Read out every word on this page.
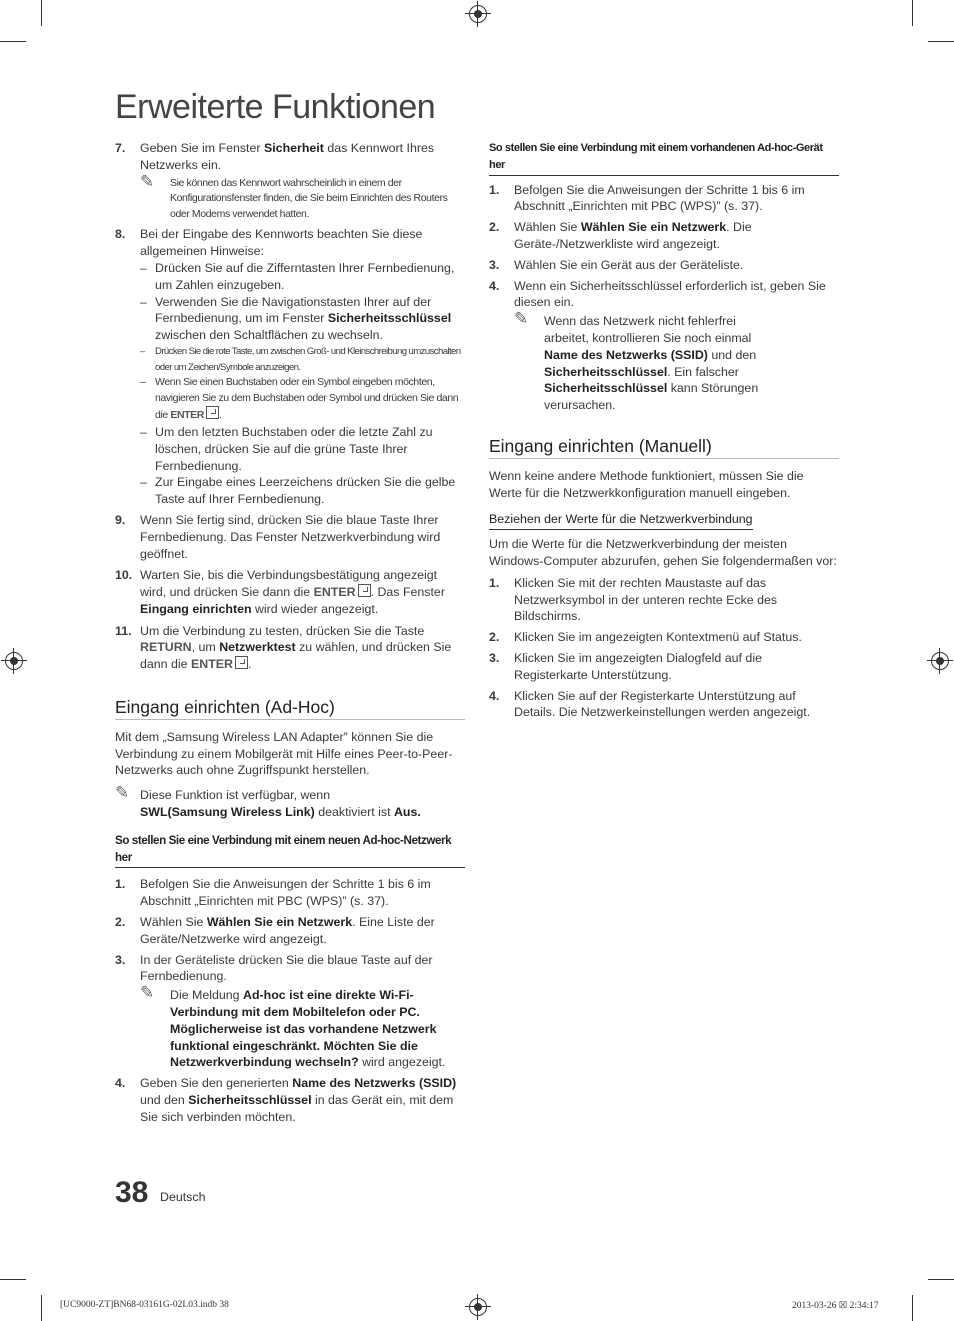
Erweiterte Funktionen
7. Geben Sie im Fenster Sicherheit das Kennwort Ihres Netzwerks ein.
✎ Sie können das Kennwort wahrscheinlich in einem der Konfigurationsfenster finden, die Sie beim Einrichten des Routers oder Modems verwendet hatten.
8. Bei der Eingabe des Kennworts beachten Sie diese allgemeinen Hinweise:
– Drücken Sie auf die Zifferntasten Ihrer Fernbedienung, um Zahlen einzugeben.
– Verwenden Sie die Navigationstasten Ihrer auf der Fernbedienung, um im Fenster Sicherheitsschlüssel zwischen den Schaltflächen zu wechseln.
– Drücken Sie die rote Taste, um zwischen Groß- und Kleinschreibung umzuschalten oder um Zeichen/Symbole anzuzeigen.
– Wenn Sie einen Buchstaben oder ein Symbol eingeben möchten, navigieren Sie zu dem Buchstaben oder Symbol und drücken Sie dann die ENTER .
– Um den letzten Buchstaben oder die letzte Zahl zu löschen, drücken Sie auf die grüne Taste Ihrer Fernbedienung.
– Zur Eingabe eines Leerzeichens drücken Sie die gelbe Taste auf Ihrer Fernbedienung.
9. Wenn Sie fertig sind, drücken Sie die blaue Taste Ihrer Fernbedienung. Das Fenster Netzwerkverbindung wird geöffnet.
10. Warten Sie, bis die Verbindungsbestätigung angezeigt wird, und drücken Sie dann die ENTER . Das Fenster Eingang einrichten wird wieder angezeigt.
11. Um die Verbindung zu testen, drücken Sie die Taste RETURN, um Netzwerktest zu wählen, und drücken Sie dann die ENTER .
Eingang einrichten (Ad-Hoc)
Mit dem „Samsung Wireless LAN Adapter” können Sie die Verbindung zu einem Mobilgerät mit Hilfe eines Peer-to-Peer-Netzwerks auch ohne Zugriffspunkt herstellen.
✎ Diese Funktion ist verfügbar, wenn
SWL(Samsung Wireless Link) deaktiviert ist Aus.
So stellen Sie eine Verbindung mit einem neuen Ad-hoc-Netzwerk her
1. Befolgen Sie die Anweisungen der Schritte 1 bis 6 im Abschnitt „Einrichten mit PBC (WPS)” (s. 37).
2. Wählen Sie Wählen Sie ein Netzwerk. Eine Liste der Geräte/Netzwerke wird angezeigt.
3. In der Geräteliste drücken Sie die blaue Taste auf der Fernbedienung.
✎ Die Meldung Ad-hoc ist eine direkte Wi-Fi-Verbindung mit dem Mobiltelefon oder PC. Möglicherweise ist das vorhandene Netzwerk funktional eingeschränkt. Möchten Sie die Netzwerkverbindung wechseln? wird angezeigt.
4. Geben Sie den generierten Name des Netzwerks (SSID) und den Sicherheitsschlüssel in das Gerät ein, mit dem Sie sich verbinden möchten.
So stellen Sie eine Verbindung mit einem vorhandenen Ad-hoc-Gerät her
1. Befolgen Sie die Anweisungen der Schritte 1 bis 6 im Abschnitt „Einrichten mit PBC (WPS)” (s. 37).
2. Wählen Sie Wählen Sie ein Netzwerk. Die Geräte-/Netzwerkliste wird angezeigt.
3. Wählen Sie ein Gerät aus der Geräteliste.
4. Wenn ein Sicherheitsschlüssel erforderlich ist, geben Sie diesen ein.
✎ Wenn das Netzwerk nicht fehlerfrei arbeitet, kontrollieren Sie noch einmal Name des Netzwerks (SSID) und den Sicherheitsschlüssel. Ein falscher Sicherheitsschlüssel kann Störungen verursachen.
Eingang einrichten (Manuell)
Wenn keine andere Methode funktioniert, müssen Sie die Werte für die Netzwerkkonfiguration manuell eingeben.
Beziehen der Werte für die Netzwerkverbindung
Um die Werte für die Netzwerkverbindung der meisten Windows-Computer abzurufen, gehen Sie folgendermaßen vor:
1. Klicken Sie mit der rechten Maustaste auf das Netzwerksymbol in der unteren rechte Ecke des Bildschirms.
2. Klicken Sie im angezeigten Kontextmenü auf Status.
3. Klicken Sie im angezeigten Dialogfeld auf die Registerkarte Unterstützung.
4. Klicken Sie auf der Registerkarte Unterstützung auf Details. Die Netzwerkeinstellungen werden angezeigt.
38 Deutsch
[UC9000-ZT]BN68-03161G-02L03.indb 38	2013-03-26 ☒ 2:34:17
